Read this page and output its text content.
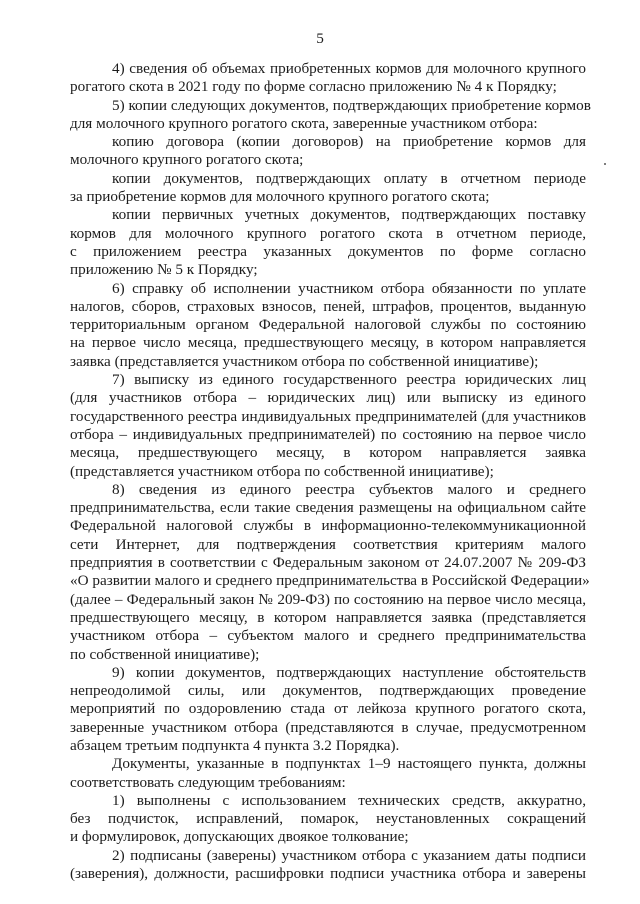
5
4) сведения об объемах приобретенных кормов для молочного крупного
рогатого скота в 2021 году по форме согласно приложению № 4 к Порядку;
5) копии следующих документов, подтверждающих приобретение кормов
для молочного крупного рогатого скота, заверенные участником отбора:
копию договора (копии договоров) на приобретение кормов для
молочного крупного рогатого скота;
копии документов, подтверждающих оплату в отчетном периоде
за приобретение кормов для молочного крупного рогатого скота;
копии первичных учетных документов, подтверждающих поставку
кормов для молочного крупного рогатого скота в отчетном периоде,
с приложением реестра указанных документов по форме согласно
приложению № 5 к Порядку;
6) справку об исполнении участником отбора обязанности по уплате
налогов, сборов, страховых взносов, пеней, штрафов, процентов, выданную
территориальным органом Федеральной налоговой службы по состоянию
на первое число месяца, предшествующего месяцу, в котором направляется
заявка (представляется участником отбора по собственной инициативе);
7) выписку из единого государственного реестра юридических лиц
(для участников отбора – юридических лиц) или выписку из единого
государственного реестра индивидуальных предпринимателей (для участников
отбора – индивидуальных предпринимателей) по состоянию на первое число
месяца, предшествующего месяцу, в котором направляется заявка
(представляется участником отбора по собственной инициативе);
8) сведения из единого реестра субъектов малого и среднего
предпринимательства, если такие сведения размещены на официальном сайте
Федеральной налоговой службы в информационно-телекоммуникационной
сети Интернет, для подтверждения соответствия критериям малого
предприятия в соответствии с Федеральным законом от 24.07.2007 № 209-ФЗ
«О развитии малого и среднего предпринимательства в Российской Федерации»
(далее – Федеральный закон № 209-ФЗ) по состоянию на первое число месяца,
предшествующего месяцу, в котором направляется заявка (представляется
участником отбора – субъектом малого и среднего предпринимательства
по собственной инициативе);
9) копии документов, подтверждающих наступление обстоятельств
непреодолимой силы, или документов, подтверждающих проведение
мероприятий по оздоровлению стада от лейкоза крупного рогатого скота,
заверенные участником отбора (представляются в случае, предусмотренном
абзацем третьим подпункта 4 пункта 3.2 Порядка).
Документы, указанные в подпунктах 1–9 настоящего пункта, должны
соответствовать следующим требованиям:
1) выполнены с использованием технических средств, аккуратно,
без подчисток, исправлений, помарок, неустановленных сокращений
и формулировок, допускающих двоякое толкование;
2) подписаны (заверены) участником отбора с указанием даты подписи
(заверения), должности, расшифровки подписи участника отбора и заверены
